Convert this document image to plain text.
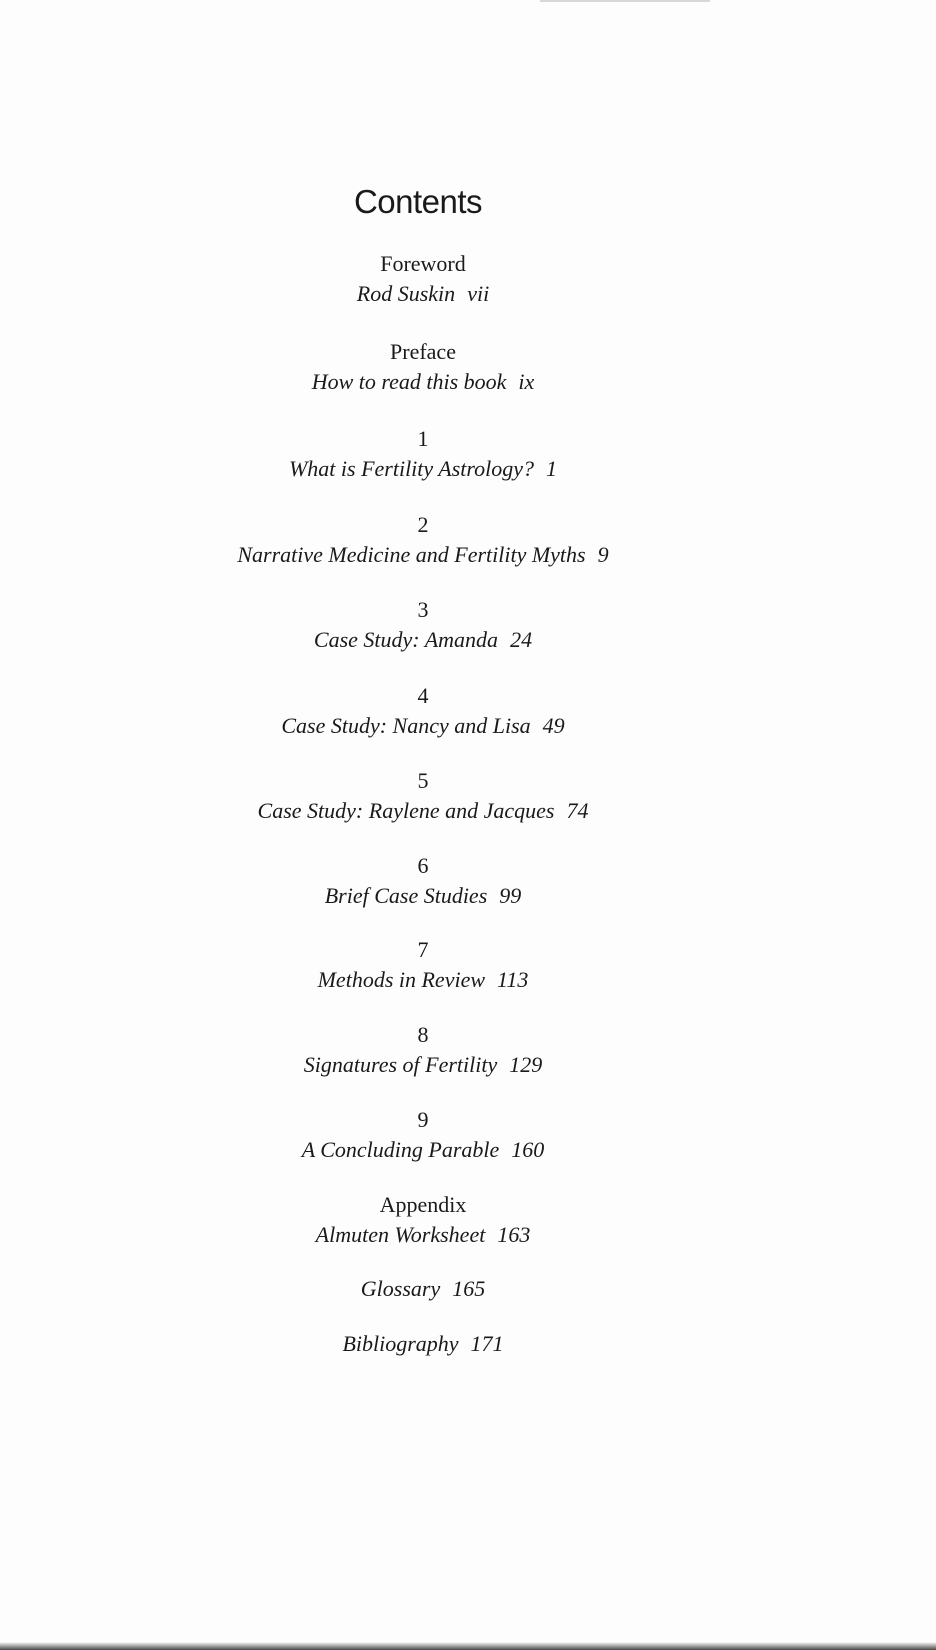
Contents
Foreword
Rod Suskin vii
Preface
How to read this book ix
1
What is Fertility Astrology? 1
2
Narrative Medicine and Fertility Myths 9
3
Case Study: Amanda 24
4
Case Study: Nancy and Lisa 49
5
Case Study: Raylene and Jacques 74
6
Brief Case Studies 99
7
Methods in Review 113
8
Signatures of Fertility 129
9
A Concluding Parable 160
Appendix
Almuten Worksheet 163
Glossary 165
Bibliography 171
